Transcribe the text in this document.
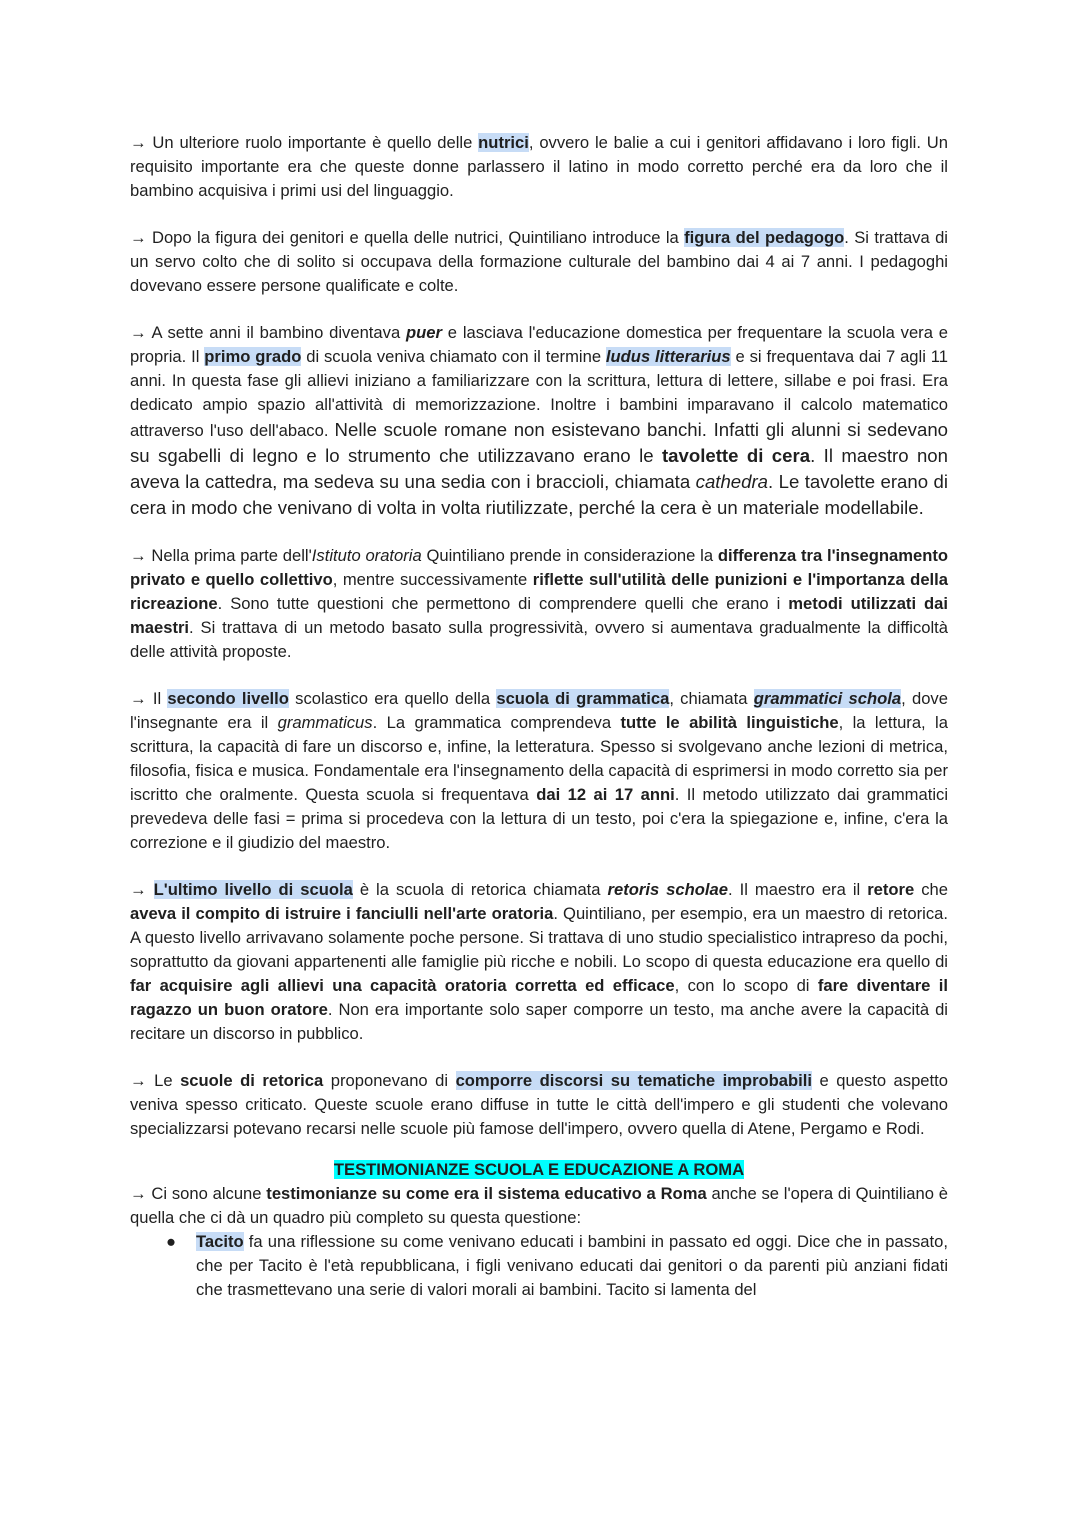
→ Un ulteriore ruolo importante è quello delle nutrici, ovvero le balie a cui i genitori affidavano i loro figli. Un requisito importante era che queste donne parlassero il latino in modo corretto perché era da loro che il bambino acquisiva i primi usi del linguaggio.

→ Dopo la figura dei genitori e quella delle nutrici, Quintiliano introduce la figura del pedagogo. Si trattava di un servo colto che di solito si occupava della formazione culturale del bambino dai 4 ai 7 anni. I pedagoghi dovevano essere persone qualificate e colte.

→ A sette anni il bambino diventava puer e lasciava l'educazione domestica per frequentare la scuola vera e propria. Il primo grado di scuola veniva chiamato con il termine ludus litterarius e si frequentava dai 7 agli 11 anni. In questa fase gli allievi iniziano a familiarizzare con la scrittura, lettura di lettere, sillabe e poi frasi. Era dedicato ampio spazio all'attività di memorizzazione. Inoltre i bambini imparavano il calcolo matematico attraverso l'uso dell'abaco. Nelle scuole romane non esistevano banchi. Infatti gli alunni si sedevano su sgabelli di legno e lo strumento che utilizzavano erano le tavolette di cera. Il maestro non aveva la cattedra, ma sedeva su una sedia con i braccioli, chiamata cathedra. Le tavolette erano di cera in modo che venivano di volta in volta riutilizzate, perché la cera è un materiale modellabile.

→ Nella prima parte dell'Istituto oratoria Quintiliano prende in considerazione la differenza tra l'insegnamento privato e quello collettivo, mentre successivamente riflette sull'utilità delle punizioni e l'importanza della ricreazione. Sono tutte questioni che permettono di comprendere quelli che erano i metodi utilizzati dai maestri. Si trattava di un metodo basato sulla progressività, ovvero si aumentava gradualmente la difficoltà delle attività proposte.

→ Il secondo livello scolastico era quello della scuola di grammatica, chiamata grammatici schola, dove l'insegnante era il grammaticus. La grammatica comprendeva tutte le abilità linguistiche, la lettura, la scrittura, la capacità di fare un discorso e, infine, la letteratura. Spesso si svolgevano anche lezioni di metrica, filosofia, fisica e musica. Fondamentale era l'insegnamento della capacità di esprimersi in modo corretto sia per iscritto che oralmente. Questa scuola si frequentava dai 12 ai 17 anni. Il metodo utilizzato dai grammatici prevedeva delle fasi = prima si procedeva con la lettura di un testo, poi c'era la spiegazione e, infine, c'era la correzione e il giudizio del maestro.

→ L'ultimo livello di scuola è la scuola di retorica chiamata retoris scholae. Il maestro era il retore che aveva il compito di istruire i fanciulli nell'arte oratoria. Quintiliano, per esempio, era un maestro di retorica. A questo livello arrivavano solamente poche persone. Si trattava di uno studio specialistico intrapreso da pochi, soprattutto da giovani appartenenti alle famiglie più ricche e nobili. Lo scopo di questa educazione era quello di far acquisire agli allievi una capacità oratoria corretta ed efficace, con lo scopo di fare diventare il ragazzo un buon oratore. Non era importante solo saper comporre un testo, ma anche avere la capacità di recitare un discorso in pubblico.

→ Le scuole di retorica proponevano di comporre discorsi su tematiche improbabili e questo aspetto veniva spesso criticato. Queste scuole erano diffuse in tutte le città dell'impero e gli studenti che volevano specializzarsi potevano recarsi nelle scuole più famose dell'impero, ovvero quella di Atene, Pergamo e Rodi.

TESTIMONIANZE SCUOLA E EDUCAZIONE A ROMA

→ Ci sono alcune testimonianze su come era il sistema educativo a Roma anche se l'opera di Quintiliano è quella che ci dà un quadro più completo su questa questione:

● Tacito fa una riflessione su come venivano educati i bambini in passato ed oggi. Dice che in passato, che per Tacito è l'età repubblicana, i figli venivano educati dai genitori o da parenti più anziani fidati che trasmettevano una serie di valori morali ai bambini. Tacito si lamenta del
